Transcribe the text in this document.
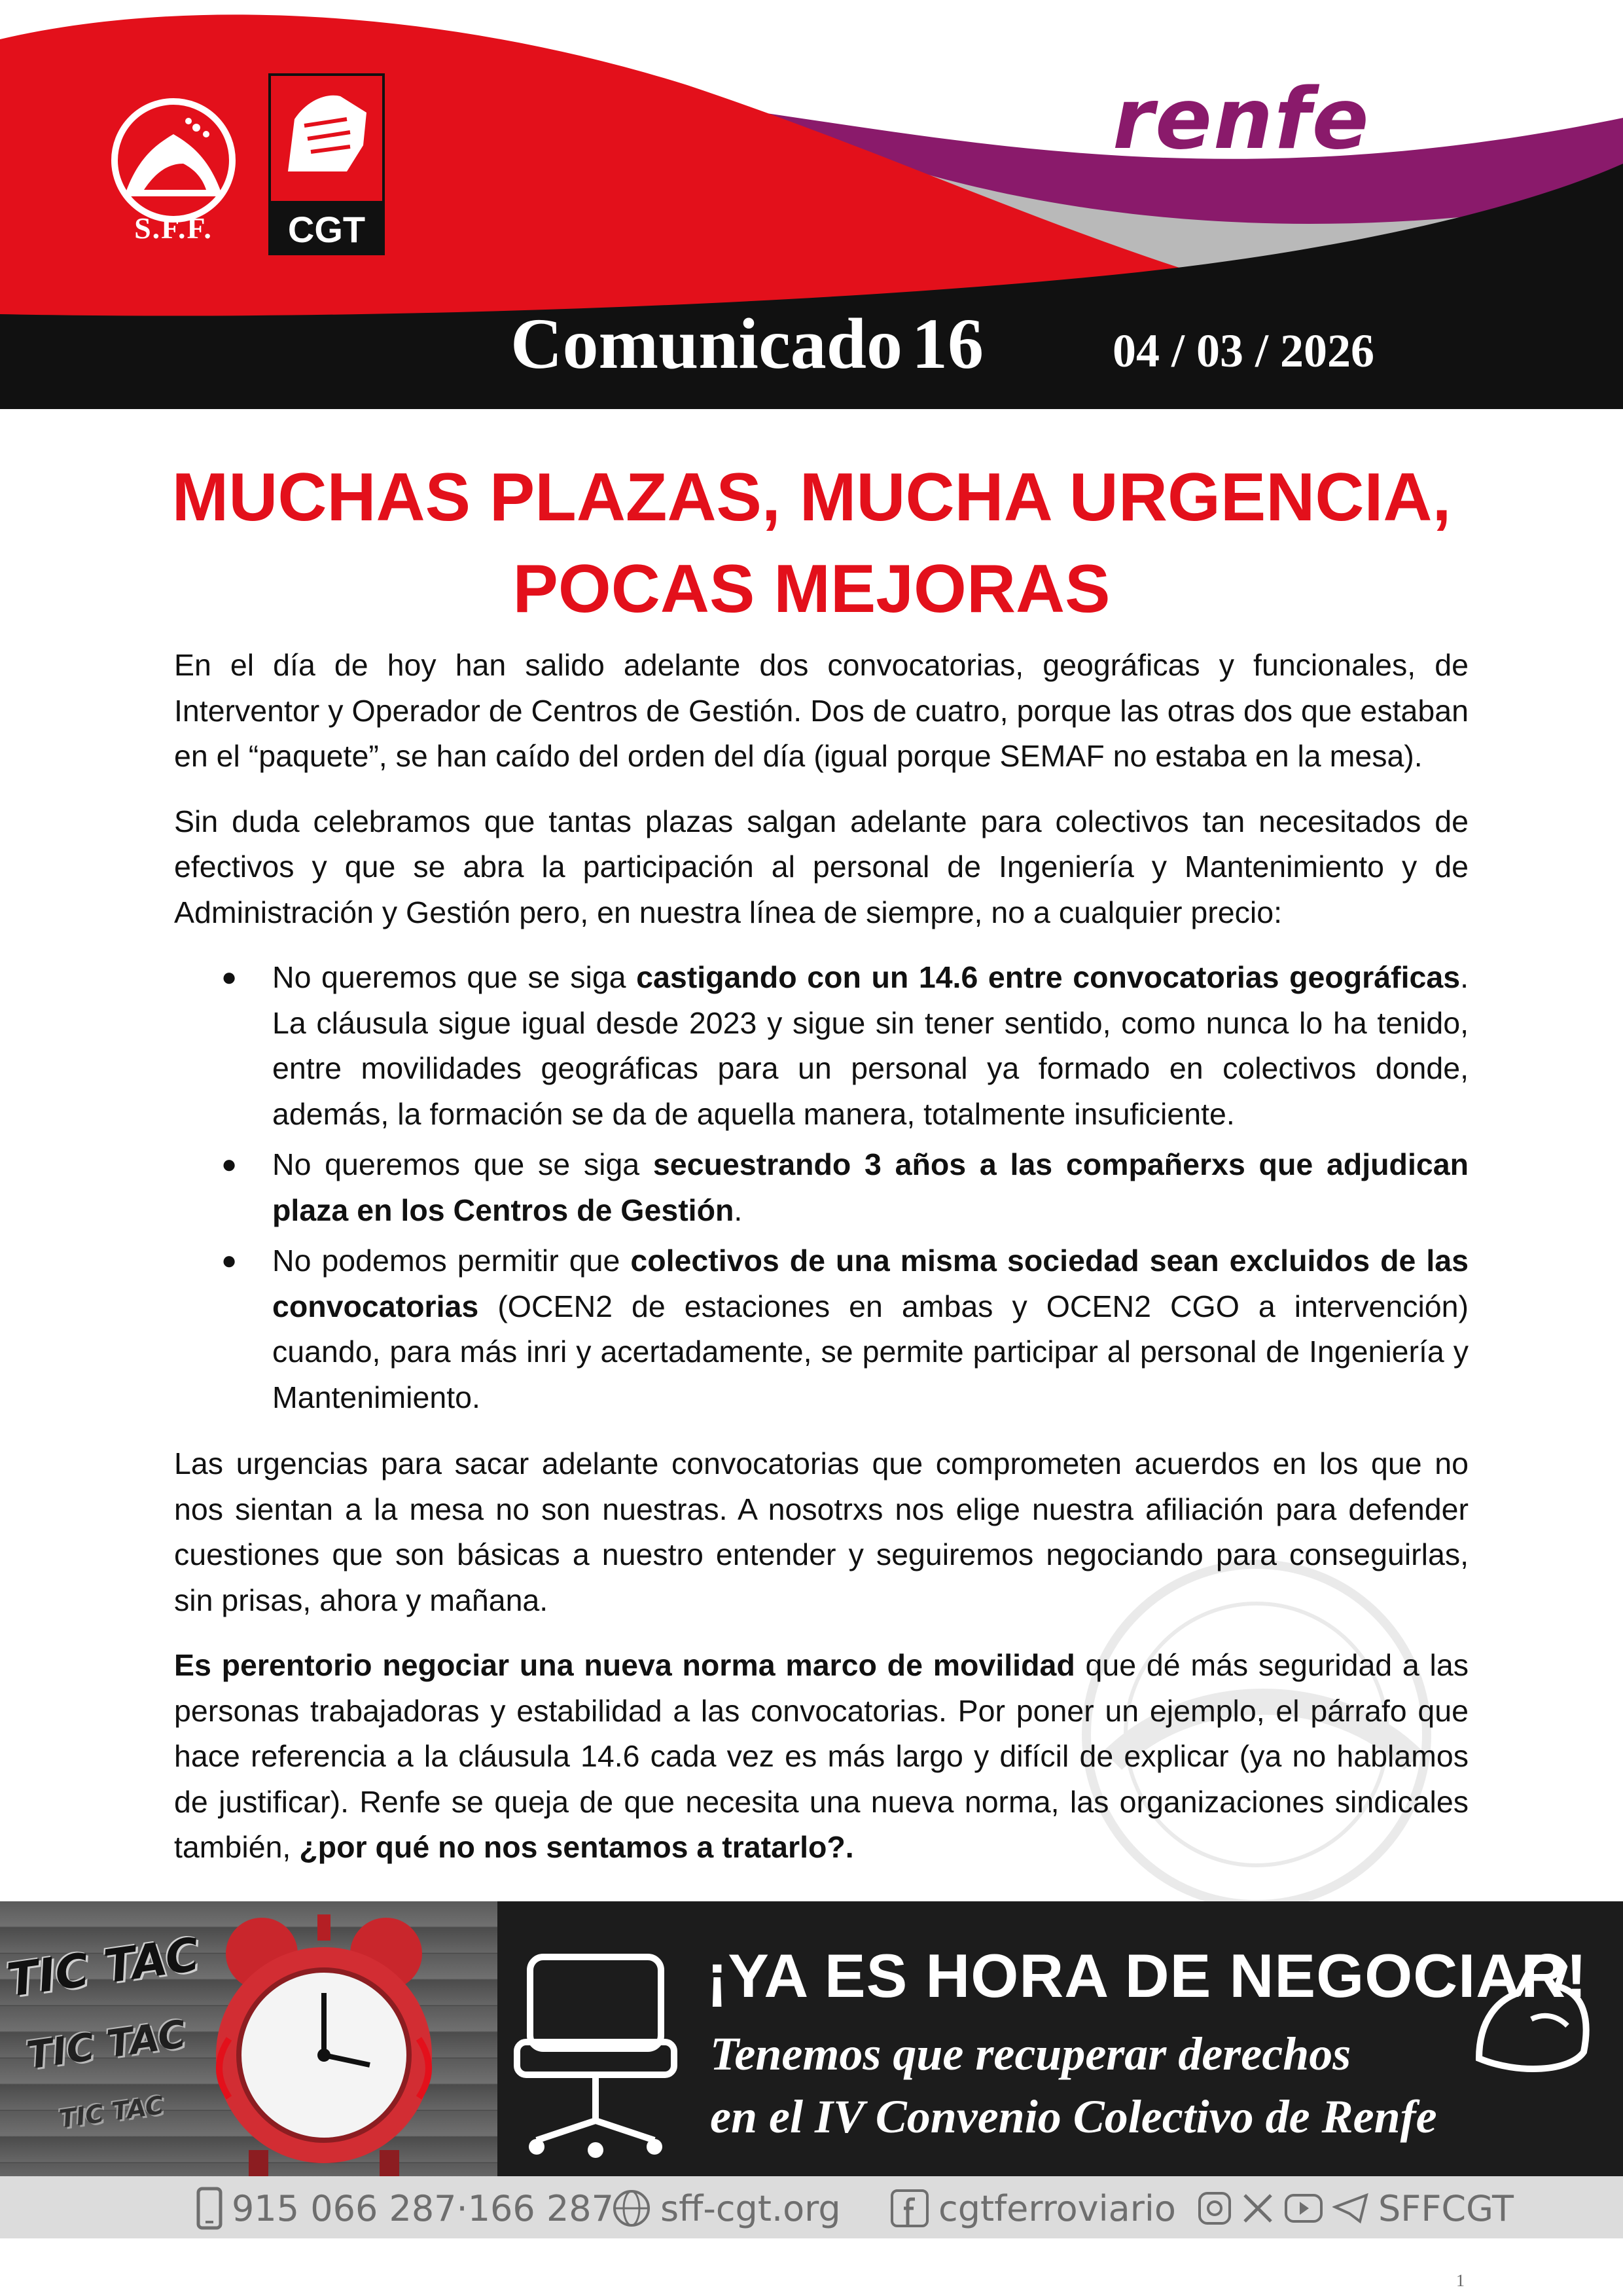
S.F.F.	CGT
renfe
Comunicado 16	04 / 03 / 2026
MUCHAS PLAZAS, MUCHA URGENCIA,
POCAS MEJORAS

En el día de hoy han salido adelante dos convocatorias, geográficas y funcionales, de Interventor y Operador de Centros de Gestión. Dos de cuatro, porque las otras dos que estaban en el “paquete”, se han caído del orden del día (igual porque SEMAF no estaba en la mesa).

Sin duda celebramos que tantas plazas salgan adelante para colectivos tan necesitados de efectivos y que se abra la participación al personal de Ingeniería y Mantenimiento y de Administración y Gestión pero, en nuestra línea de siempre, no a cualquier precio:

● No queremos que se siga castigando con un 14.6 entre convocatorias geográficas. La cláusula sigue igual desde 2023 y sigue sin tener sentido, como nunca lo ha tenido, entre movilidades geográficas para un personal ya formado en colectivos donde, además, la formación se da de aquella manera, totalmente insuficiente.
● No queremos que se siga secuestrando 3 años a las compañerxs que adjudican plaza en los Centros de Gestión.
● No podemos permitir que colectivos de una misma sociedad sean excluidos de las convocatorias (OCEN2 de estaciones en ambas y OCEN2 CGO a intervención) cuando, para más inri y acertadamente, se permite participar al personal de Ingeniería y Mantenimiento.

Las urgencias para sacar adelante convocatorias que comprometen acuerdos en los que no nos sientan a la mesa no son nuestras. A nosotrxs nos elige nuestra afiliación para defender cuestiones que son básicas a nuestro entender y seguiremos negociando para conseguirlas, sin prisas, ahora y mañana.

Es perentorio negociar una nueva norma marco de movilidad que dé más seguridad a las personas trabajadoras y estabilidad a las convocatorias. Por poner un ejemplo, el párrafo que hace referencia a la cláusula 14.6 cada vez es más largo y difícil de explicar (ya no hablamos de justificar). Renfe se queja de que necesita una nueva norma, las organizaciones sindicales también, ¿por qué no nos sentamos a tratarlo?.

TIC TAC
TIC TAC
TIC TAC
¡YA ES HORA DE NEGOCIAR!
Tenemos que recuperar derechos
en el IV Convenio Colectivo de Renfe
915 066 287·166 287 sff-cgt.org	cgtferroviario	SFFCGT
1
